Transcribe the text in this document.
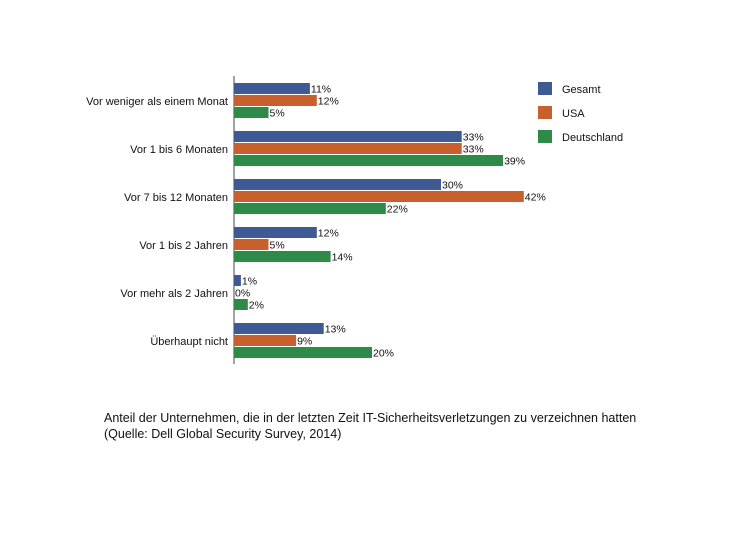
Vor weniger als einem Monat
11%
12%
5%
Vor 1 bis 6 Monaten
33%
33%
39%
Vor 7 bis 12 Monaten
30%
42%
22%
Vor 1 bis 2 Jahren
12%
5%
14%
Vor mehr als 2 Jahren
1%
0%
2%
Überhaupt nicht
13%
9%
20%
Gesamt
USA
Deutschland
Anteil der Unternehmen, die in der letzten Zeit IT-Sicherheitsverletzungen zu verzeichnen hatten
(Quelle: Dell Global Security Survey, 2014)
